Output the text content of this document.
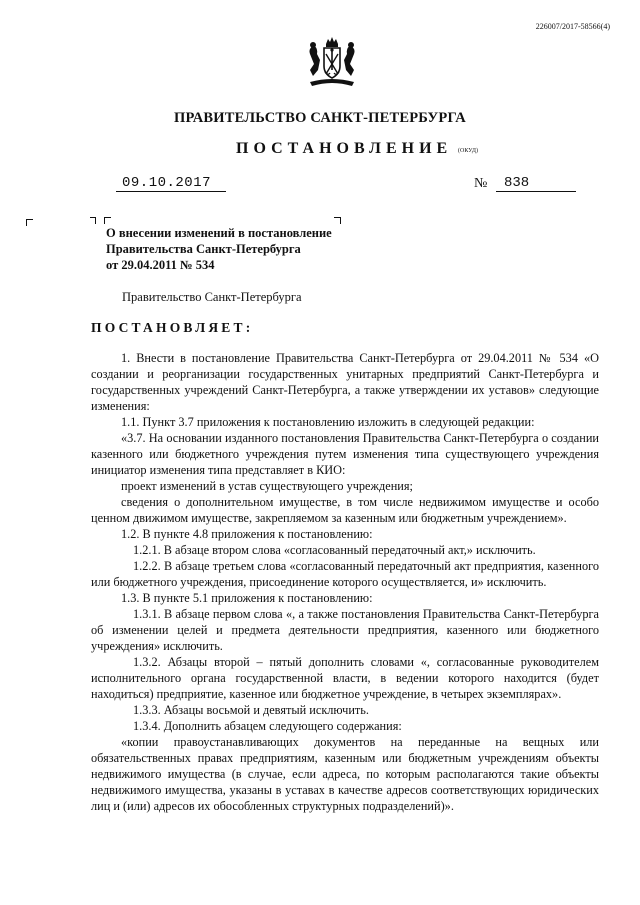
226007/2017-58566(4)
ПРАВИТЕЛЬСТВО САНКТ-ПЕТЕРБУРГА
ПОСТАНОВЛЕНИЕ (ОКУД)
09.10.2017	№ 838
О внесении изменений в постановление
Правительства Санкт-Петербурга
от 29.04.2011 № 534
Правительство Санкт-Петербурга
ПОСТАНОВЛЯЕТ:

1. Внести в постановление Правительства Санкт-Петербурга от 29.04.2011 № 534 «О создании и реорганизации государственных унитарных предприятий Санкт-Петербурга и государственных учреждений Санкт-Петербурга, а также утверждении их уставов» следующие изменения:

1.1. Пункт 3.7 приложения к постановлению изложить в следующей редакции:

«3.7. На основании изданного постановления Правительства Санкт-Петербурга о создании казенного или бюджетного учреждения путем изменения типа существующего учреждения инициатор изменения типа представляет в КИО:

проект изменений в устав существующего учреждения;

сведения о дополнительном имуществе, в том числе недвижимом имуществе и особо ценном движимом имуществе, закрепляемом за казенным или бюджетным учреждением».

1.2. В пункте 4.8 приложения к постановлению:

1.2.1. В абзаце втором слова «согласованный передаточный акт,» исключить.

1.2.2. В абзаце третьем слова «согласованный передаточный акт предприятия, казенного или бюджетного учреждения, присоединение которого осуществляется, и» исключить.

1.3. В пункте 5.1 приложения к постановлению:

1.3.1. В абзаце первом слова «, а также постановления Правительства Санкт-Петербурга об изменении целей и предмета деятельности предприятия, казенного или бюджетного учреждения» исключить.

1.3.2. Абзацы второй – пятый дополнить словами «, согласованные руководителем исполнительного органа государственной власти, в ведении которого находится (будет находиться) предприятие, казенное или бюджетное учреждение, в четырех экземплярах».

1.3.3. Абзацы восьмой и девятый исключить.

1.3.4. Дополнить абзацем следующего содержания:

«копии правоустанавливающих документов на переданные на вещных или обязательственных правах предприятиям, казенным или бюджетным учреждениям объекты недвижимого имущества (в случае, если адреса, по которым располагаются такие объекты недвижимого имущества, указаны в уставах в качестве адресов соответствующих юридических лиц и (или) адресов их обособленных структурных подразделений)».
